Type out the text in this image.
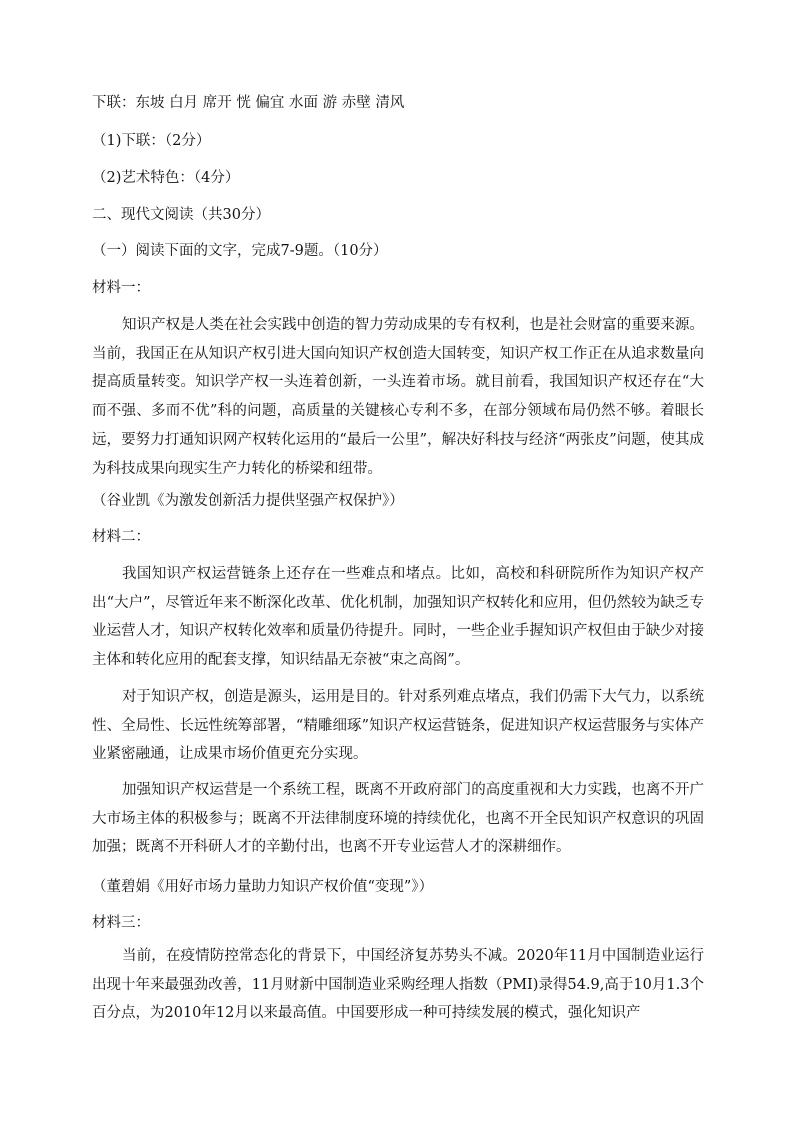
下联：东坡 白月 席开 恍 偏宜 水面 游 赤壁 清风
（1)下联：（2分）
（2)艺术特色：（4分）
二、现代文阅读（共30分）
（一）阅读下面的文字，完成7-9题。（10分）
材料一：

知识产权是人类在社会实践中创造的智力劳动成果的专有权利，也是社会财富的重要来源。当前，我国正在从知识产权引进大国向知识产权创造大国转变，知识产权工作正在从追求数量向提高质量转变。知识学产权一头连着创新，一头连着市场。就目前看，我国知识产权还存在“大而不强、多而不优”科的问题，高质量的关键核心专利不多，在部分领域布局仍然不够。着眼长远，要努力打通知识网产权转化运用的“最后一公里”，解决好科技与经济“两张皮”问题，使其成为科技成果向现实生产力转化的桥梁和纽带。

（谷业凯《为激发创新活力提供坚强产权保护》）
材料二：

我国知识产权运营链条上还存在一些难点和堵点。比如，高校和科研院所作为知识产权产出“大户”，尽管近年来不断深化改革、优化机制，加强知识产权转化和应用，但仍然较为缺乏专业运营人才，知识产权转化效率和质量仍待提升。同时，一些企业手握知识产权但由于缺少对接主体和转化应用的配套支撑，知识结晶无奈被“束之高阁”。

对于知识产权，创造是源头，运用是目的。针对系列难点堵点，我们仍需下大气力，以系统性、全局性、长远性统筹部署，“精雕细琢”知识产权运营链条，促进知识产权运营服务与实体产业紧密融通，让成果市场价值更充分实现。

加强知识产权运营是一个系统工程，既离不开政府部门的高度重视和大力实践，也离不开广大市场主体的积极参与；既离不开法律制度环境的持续优化，也离不开全民知识产权意识的巩固加强；既离不开科研人才的辛勤付出，也离不开专业运营人才的深耕细作。

（董碧娟《用好市场力量助力知识产权价值“变现”》）
材料三：

当前，在疫情防控常态化的背景下，中国经济复苏势头不减。2020年11月中国制造业运行出现十年来最强劲改善，11月财新中国制造业采购经理人指数（PMI)录得54.9,高于10月1.3个百分点，为2010年12月以来最高值。中国要形成一种可持续发展的模式，强化知识产
